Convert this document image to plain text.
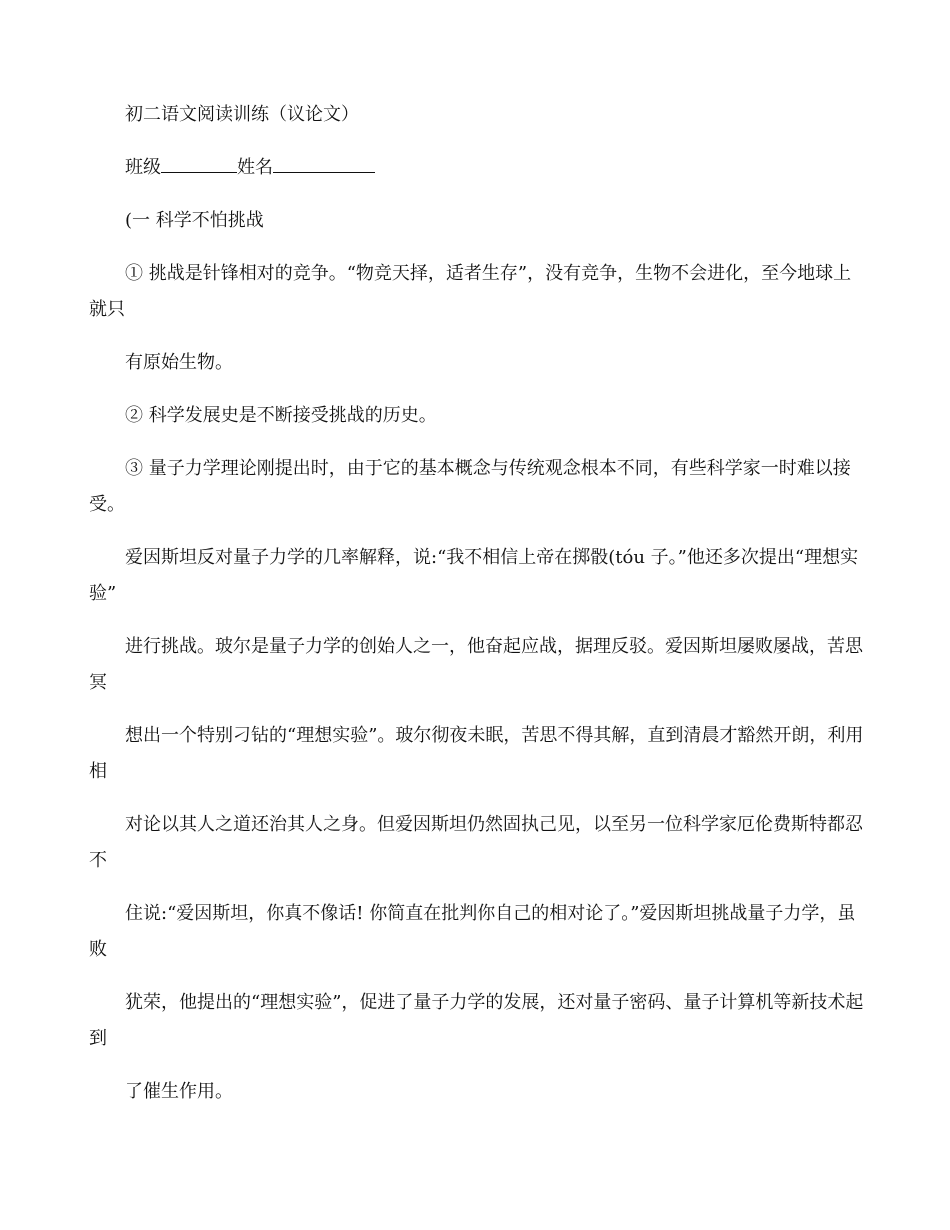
初二语文阅读训练（议论文）

班级	姓名

(一 科学不怕挑战

① 挑战是针锋相对的竞争。“物竞天择，适者生存”，没有竞争，生物不会进化，至今地球上就只

有原始生物。

② 科学发展史是不断接受挑战的历史。

③ 量子力学理论刚提出时，由于它的基本概念与传统观念根本不同，有些科学家一时难以接受。

爱因斯坦反对量子力学的几率解释，说:“我不相信上帝在掷骰(tóu 子。”他还多次提出“理想实验”

进行挑战。玻尔是量子力学的创始人之一，他奋起应战，据理反驳。爱因斯坦屡败屡战，苦思冥

想出一个特别刁钻的“理想实验”。玻尔彻夜未眠，苦思不得其解，直到清晨才豁然开朗，利用相

对论以其人之道还治其人之身。但爱因斯坦仍然固执己见，以至另一位科学家厄伦费斯特都忍不

住说:“爱因斯坦，你真不像话! 你简直在批判你自己的相对论了。”爱因斯坦挑战量子力学，虽败

犹荣，他提出的“理想实验”，促进了量子力学的发展，还对量子密码、量子计算机等新技术起到

了催生作用。
